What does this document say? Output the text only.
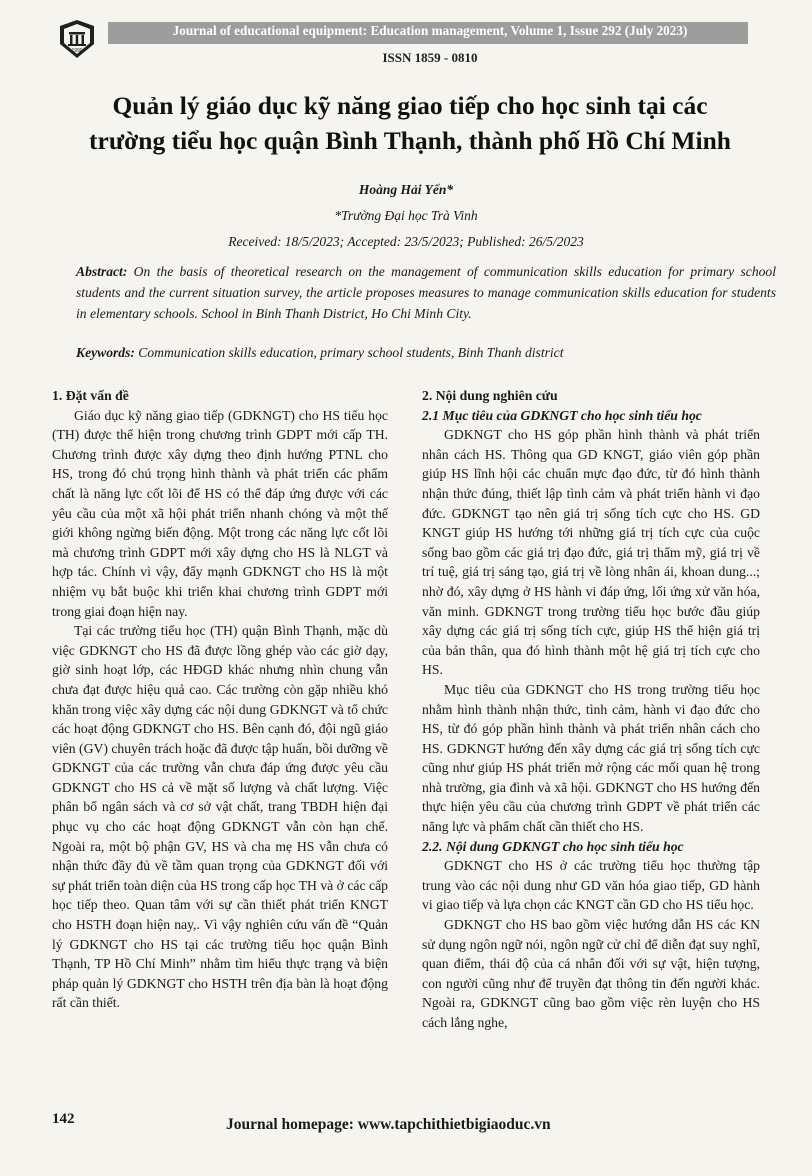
1990
Journal of educational equipment: Education management, Volume 1, Issue 292 (July 2023)
ISSN 1859 - 0810
Quản lý giáo dục kỹ năng giao tiếp cho học sinh tại các
trường tiểu học quận Bình Thạnh, thành phố Hồ Chí Minh
Hoàng Hải Yến*
*Trường Đại học Trà Vinh
Received: 18/5/2023; Accepted: 23/5/2023; Published: 26/5/2023
Abstract: On the basis of theoretical research on the management of communication skills education for primary school students and the current situation survey, the article proposes measures to manage communication skills education for students in elementary schools. School in Binh Thanh District, Ho Chi Minh City.
Keywords: Communication skills education, primary school students, Binh Thanh district
1. Đặt vấn đề

Giáo dục kỹ năng giao tiếp (GDKNGT) cho HS tiểu học (TH) được thể hiện trong chương trình GDPT mới cấp TH. Chương trình được xây dựng theo định hướng PTNL cho HS, trong đó chú trọng hình thành và phát triển các phẩm chất là năng lực cốt lõi để HS có thể đáp ứng được với các yêu cầu của một xã hội phát triển nhanh chóng và một thế giới không ngừng biến động. Một trong các năng lực cốt lõi mà chương trình GDPT mới xây dựng cho HS là NLGT và hợp tác. Chính vì vậy, đẩy mạnh GDKNGT cho HS là một nhiệm vụ bắt buộc khi triển khai chương trình GDPT mới trong giai đoạn hiện nay.

Tại các trường tiểu học (TH) quận Bình Thạnh, mặc dù việc GDKNGT cho HS đã được lồng ghép vào các giờ dạy, giờ sinh hoạt lớp, các HĐGD khác nhưng nhìn chung vẫn chưa đạt được hiệu quả cao. Các trường còn gặp nhiều khó khăn trong việc xây dựng các nội dung GDKNGT và tổ chức các hoạt động GDKNGT cho HS. Bên cạnh đó, đội ngũ giáo viên (GV) chuyên trách hoặc đã được tập huấn, bồi dưỡng về GDKNGT của các trường vẫn chưa đáp ứng được yêu cầu GDKNGT cho HS cả về mặt số lượng và chất lượng. Việc phân bổ ngân sách và cơ sở vật chất, trang TBDH hiện đại phục vụ cho các hoạt động GDKNGT vẫn còn hạn chế. Ngoài ra, một bộ phận GV, HS và cha mẹ HS vẫn chưa có nhận thức đầy đủ về tầm quan trọng của GDKNGT đối với sự phát triển toàn diện của HS trong cấp học TH và ở các cấp học tiếp theo. Quan tâm với sự cần thiết phát triển KNGT cho HSTH đoạn hiện nay,. Vì vậy nghiên cứu vấn đề “Quản lý GDKNGT cho HS tại các trường tiểu học quận Bình Thạnh, TP Hồ Chí Minh” nhằm tìm hiểu thực trạng và biện pháp quản lý GDKNGT cho HSTH trên địa bàn là hoạt động rất cần thiết.

2. Nội dung nghiên cứu
2.1 Mục tiêu của GDKNGT cho học sinh tiểu học

GDKNGT cho HS góp phần hình thành và phát triển nhân cách HS. Thông qua GD KNGT, giáo viên góp phần giúp HS lĩnh hội các chuẩn mực đạo đức, từ đó hình thành nhận thức đúng, thiết lập tình cảm và phát triển hành vi đạo đức. GDKNGT tạo nên giá trị sống tích cực cho HS. GD KNGT giúp HS hướng tới những giá trị tích cực của cuộc sống bao gồm các giá trị đạo đức, giá trị thẩm mỹ, giá trị về trí tuệ, giá trị sáng tạo, giá trị về lòng nhân ái, khoan dung...; nhờ đó, xây dựng ở HS hành vi đáp ứng, lối ứng xử văn hóa, văn minh. GDKNGT trong trường tiểu học bước đầu giúp xây dựng các giá trị sống tích cực, giúp HS thể hiện giá trị của bản thân, qua đó hình thành một hệ giá trị tích cực cho HS.

Mục tiêu của GDKNGT cho HS trong trường tiểu học nhằm hình thành nhận thức, tình cảm, hành vi đạo đức cho HS, từ đó góp phần hình thành và phát triển nhân cách cho HS. GDKNGT hướng đến xây dựng các giá trị sống tích cực cũng như giúp HS phát triển mở rộng các mối quan hệ trong nhà trường, gia đình và xã hội. GDKNGT cho HS hướng đến thực hiện yêu cầu của chương trình GDPT về phát triển các năng lực và phẩm chất cần thiết cho HS.

2.2. Nội dung GDKNGT cho học sinh tiểu học

GDKNGT cho HS ở các trường tiểu học thường tập trung vào các nội dung như GD văn hóa giao tiếp, GD hành vi giao tiếp và lựa chọn các KNGT cần GD cho HS tiểu học.

GDKNGT cho HS bao gồm việc hướng dẫn HS các KN sử dụng ngôn ngữ nói, ngôn ngữ cử chỉ để diễn đạt suy nghĩ, quan điểm, thái độ của cá nhân đối với sự vật, hiện tượng, con người cũng như để truyền đạt thông tin đến người khác. Ngoài ra, GDKNGT cũng bao gồm việc rèn luyện cho HS cách lắng nghe,

142	Journal homepage: www.tapchithietbigiaoduc.vn
